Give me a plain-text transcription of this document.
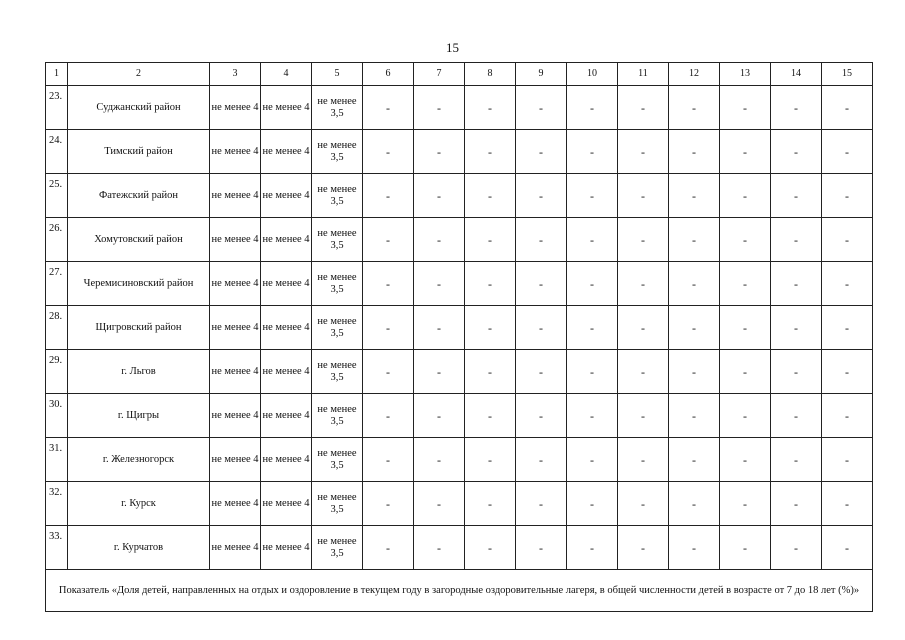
15
1	2	3	4	5	6	7	8	9	10	11	12	13	14	15
23.	Суджанский район	не менее 4	не менее 4	не менее 3,5	-	-	-	-	-	-	-	-	-	-
24.	Тимский район	не менее 4	не менее 4	не менее 3,5	-	-	-	-	-	-	-	-	-	-
25.	Фатежский район	не менее 4	не менее 4	не менее 3,5	-	-	-	-	-	-	-	-	-	-
26.	Хомутовский район	не менее 4	не менее 4	не менее 3,5	-	-	-	-	-	-	-	-	-	-
27.	Черемисиновский район	не менее 4	не менее 4	не менее 3,5	-	-	-	-	-	-	-	-	-	-
28.	Щигровский район	не менее 4	не менее 4	не менее 3,5	-	-	-	-	-	-	-	-	-	-
29.	г. Льгов	не менее 4	не менее 4	не менее 3,5	-	-	-	-	-	-	-	-	-	-
30.	г. Щигры	не менее 4	не менее 4	не менее 3,5	-	-	-	-	-	-	-	-	-	-
31.	г. Железногорск	не менее 4	не менее 4	не менее 3,5	-	-	-	-	-	-	-	-	-	-
32.	г. Курск	не менее 4	не менее 4	не менее 3,5	-	-	-	-	-	-	-	-	-	-
33.	г. Курчатов	не менее 4	не менее 4	не менее 3,5	-	-	-	-	-	-	-	-	-	-
Показатель «Доля детей, направленных на отдых и оздоровление в текущем году в загородные оздоровительные лагеря, в общей численности детей в возрасте от 7 до 18 лет (%)»														
